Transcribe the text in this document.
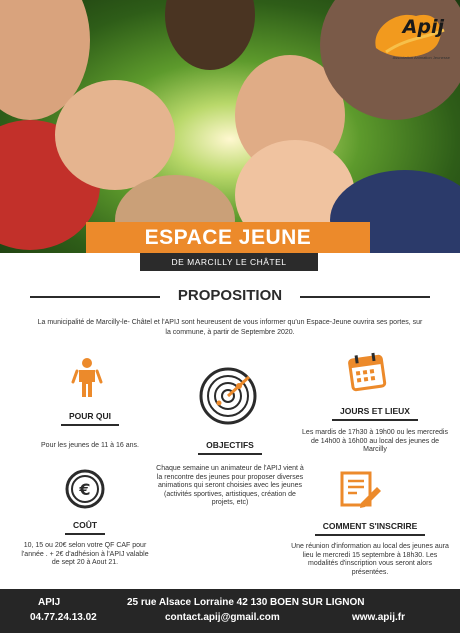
Apij
Association Animation Jeunesse
ESPACE JEUNE
DE MARCILLY LE CHÂTEL
PROPOSITION
La municipalité de Marcilly-le- Châtel et l'APIJ sont heureusent de vous informer qu'un Espace-Jeune ouvrira ses portes, sur la commune, à partir de Septembre 2020.
POUR QUI
Pour les jeunes de 11 à 16 ans.	OBJECTIFS
Chaque semaine un animateur de l'APIJ vient à la rencontre des jeunes pour proposer diverses animations qui seront choisies avec les jeunes (activités sportives, artistiques, création de projets, etc)
JOURS ET LIEUX
Les mardis de 17h30 à 19h00 ou les mercredis de 14h00 à 16h00 au local des jeunes de Marcilly
€
COÛT
10, 15 ou 20€ selon votre QF CAF pour l'année . + 2€ d'adhésion à l'APIJ valable de sept 20 à Aout 21.
COMMENT S'INSCRIRE
Une réunion d'information au local des jeunes aura lieu le mercredi 15 septembre à 18h30. Les modalités d'inscription vous seront alors présentées.
APIJ
04.77.24.13.02
25 rue Alsace Lorraine 42 130 BOEN SUR LIGNON
contact.apij@gmail.com	www.apij.fr
